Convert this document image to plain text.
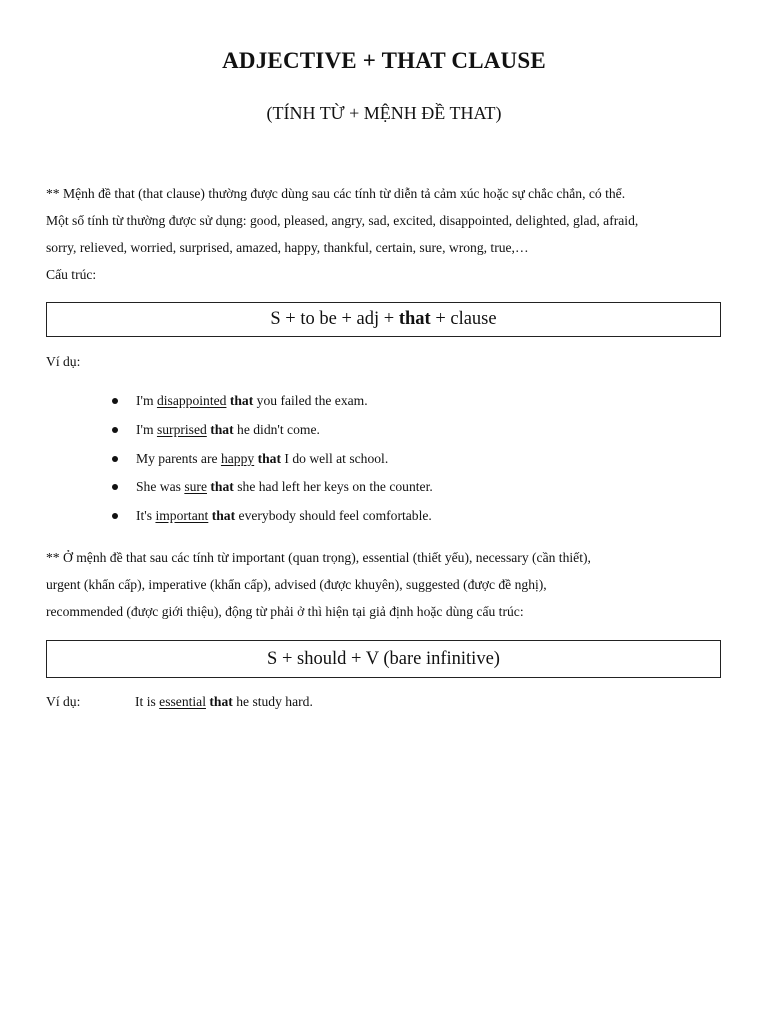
ADJECTIVE + THAT CLAUSE
(TÍNH TỪ + MỆNH ĐỀ THAT)
** Mệnh đề that (that clause) thường được dùng sau các tính từ diễn tả cảm xúc hoặc sự chắc chắn, có thể.
Một số tính từ thường được sử dụng: good, pleased, angry, sad, excited, disappointed, delighted, glad, afraid,
sorry, relieved, worried, surprised, amazed, happy, thankful, certain, sure, wrong, true,…
Cấu trúc:
S + to be + adj + that + clause
Ví dụ:
I'm disappointed that you failed the exam.
I'm surprised that he didn't come.
My parents are happy that I do well at school.
She was sure that she had left her keys on the counter.
It's important that everybody should feel comfortable.
** Ở mệnh đề that sau các tính từ important (quan trọng), essential (thiết yếu), necessary (cần thiết),
urgent (khẩn cấp), imperative (khẩn cấp), advised (được khuyên), suggested (được đề nghị),
recommended (được giới thiệu), động từ phải ở thì hiện tại giả định hoặc dùng cấu trúc:
S + should + V (bare infinitive)
Ví dụ:	It is essential that he study hard.
